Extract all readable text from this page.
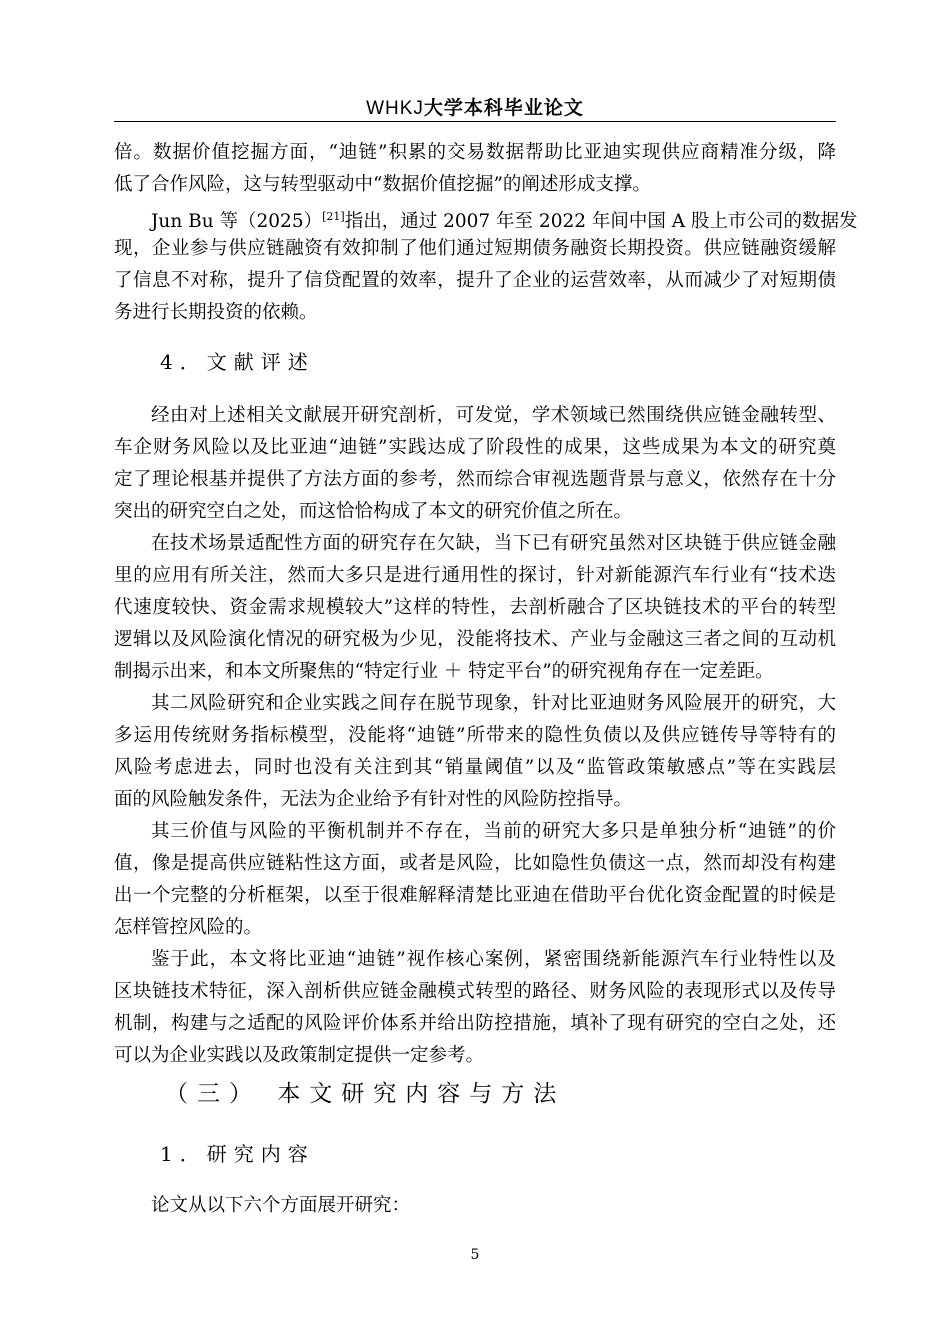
WHKJ大学本科毕业论文
倍。数据价值挖掘方面，“迪链”积累的交易数据帮助比亚迪实现供应商精准分级，降
低了合作风险，这与转型驱动中“数据价值挖掘”的阐述形成支撑。
Jun Bu 等（2025）[21]指出，通过 2007 年至 2022 年间中国 A 股上市公司的数据发
现，企业参与供应链融资有效抑制了他们通过短期债务融资长期投资。供应链融资缓解
了信息不对称，提升了信贷配置的效率，提升了企业的运营效率，从而减少了对短期债
务进行长期投资的依赖。
4．文献评述
经由对上述相关文献展开研究剖析，可发觉，学术领域已然围绕供应链金融转型、
车企财务风险以及比亚迪“迪链”实践达成了阶段性的成果，这些成果为本文的研究奠
定了理论根基并提供了方法方面的参考，然而综合审视选题背景与意义，依然存在十分
突出的研究空白之处，而这恰恰构成了本文的研究价值之所在。
在技术场景适配性方面的研究存在欠缺，当下已有研究虽然对区块链于供应链金融
里的应用有所关注，然而大多只是进行通用性的探讨，针对新能源汽车行业有“技术迭
代速度较快、资金需求规模较大”这样的特性，去剖析融合了区块链技术的平台的转型
逻辑以及风险演化情况的研究极为少见，没能将技术、产业与金融这三者之间的互动机
制揭示出来，和本文所聚焦的“特定行业 ＋ 特定平台”的研究视角存在一定差距。
其二风险研究和企业实践之间存在脱节现象，针对比亚迪财务风险展开的研究，大
多运用传统财务指标模型，没能将“迪链”所带来的隐性负债以及供应链传导等特有的
风险考虑进去，同时也没有关注到其“销量阈值”以及“监管政策敏感点”等在实践层
面的风险触发条件，无法为企业给予有针对性的风险防控指导。
其三价值与风险的平衡机制并不存在，当前的研究大多只是单独分析“迪链”的价
值，像是提高供应链粘性这方面，或者是风险，比如隐性负债这一点，然而却没有构建
出一个完整的分析框架，以至于很难解释清楚比亚迪在借助平台优化资金配置的时候是
怎样管控风险的。
鉴于此，本文将比亚迪“迪链”视作核心案例，紧密围绕新能源汽车行业特性以及
区块链技术特征，深入剖析供应链金融模式转型的路径、财务风险的表现形式以及传导
机制，构建与之适配的风险评价体系并给出防控措施，填补了现有研究的空白之处，还
可以为企业实践以及政策制定提供一定参考。
（三） 本文研究内容与方法
1．研究内容
论文从以下六个方面展开研究：
5
